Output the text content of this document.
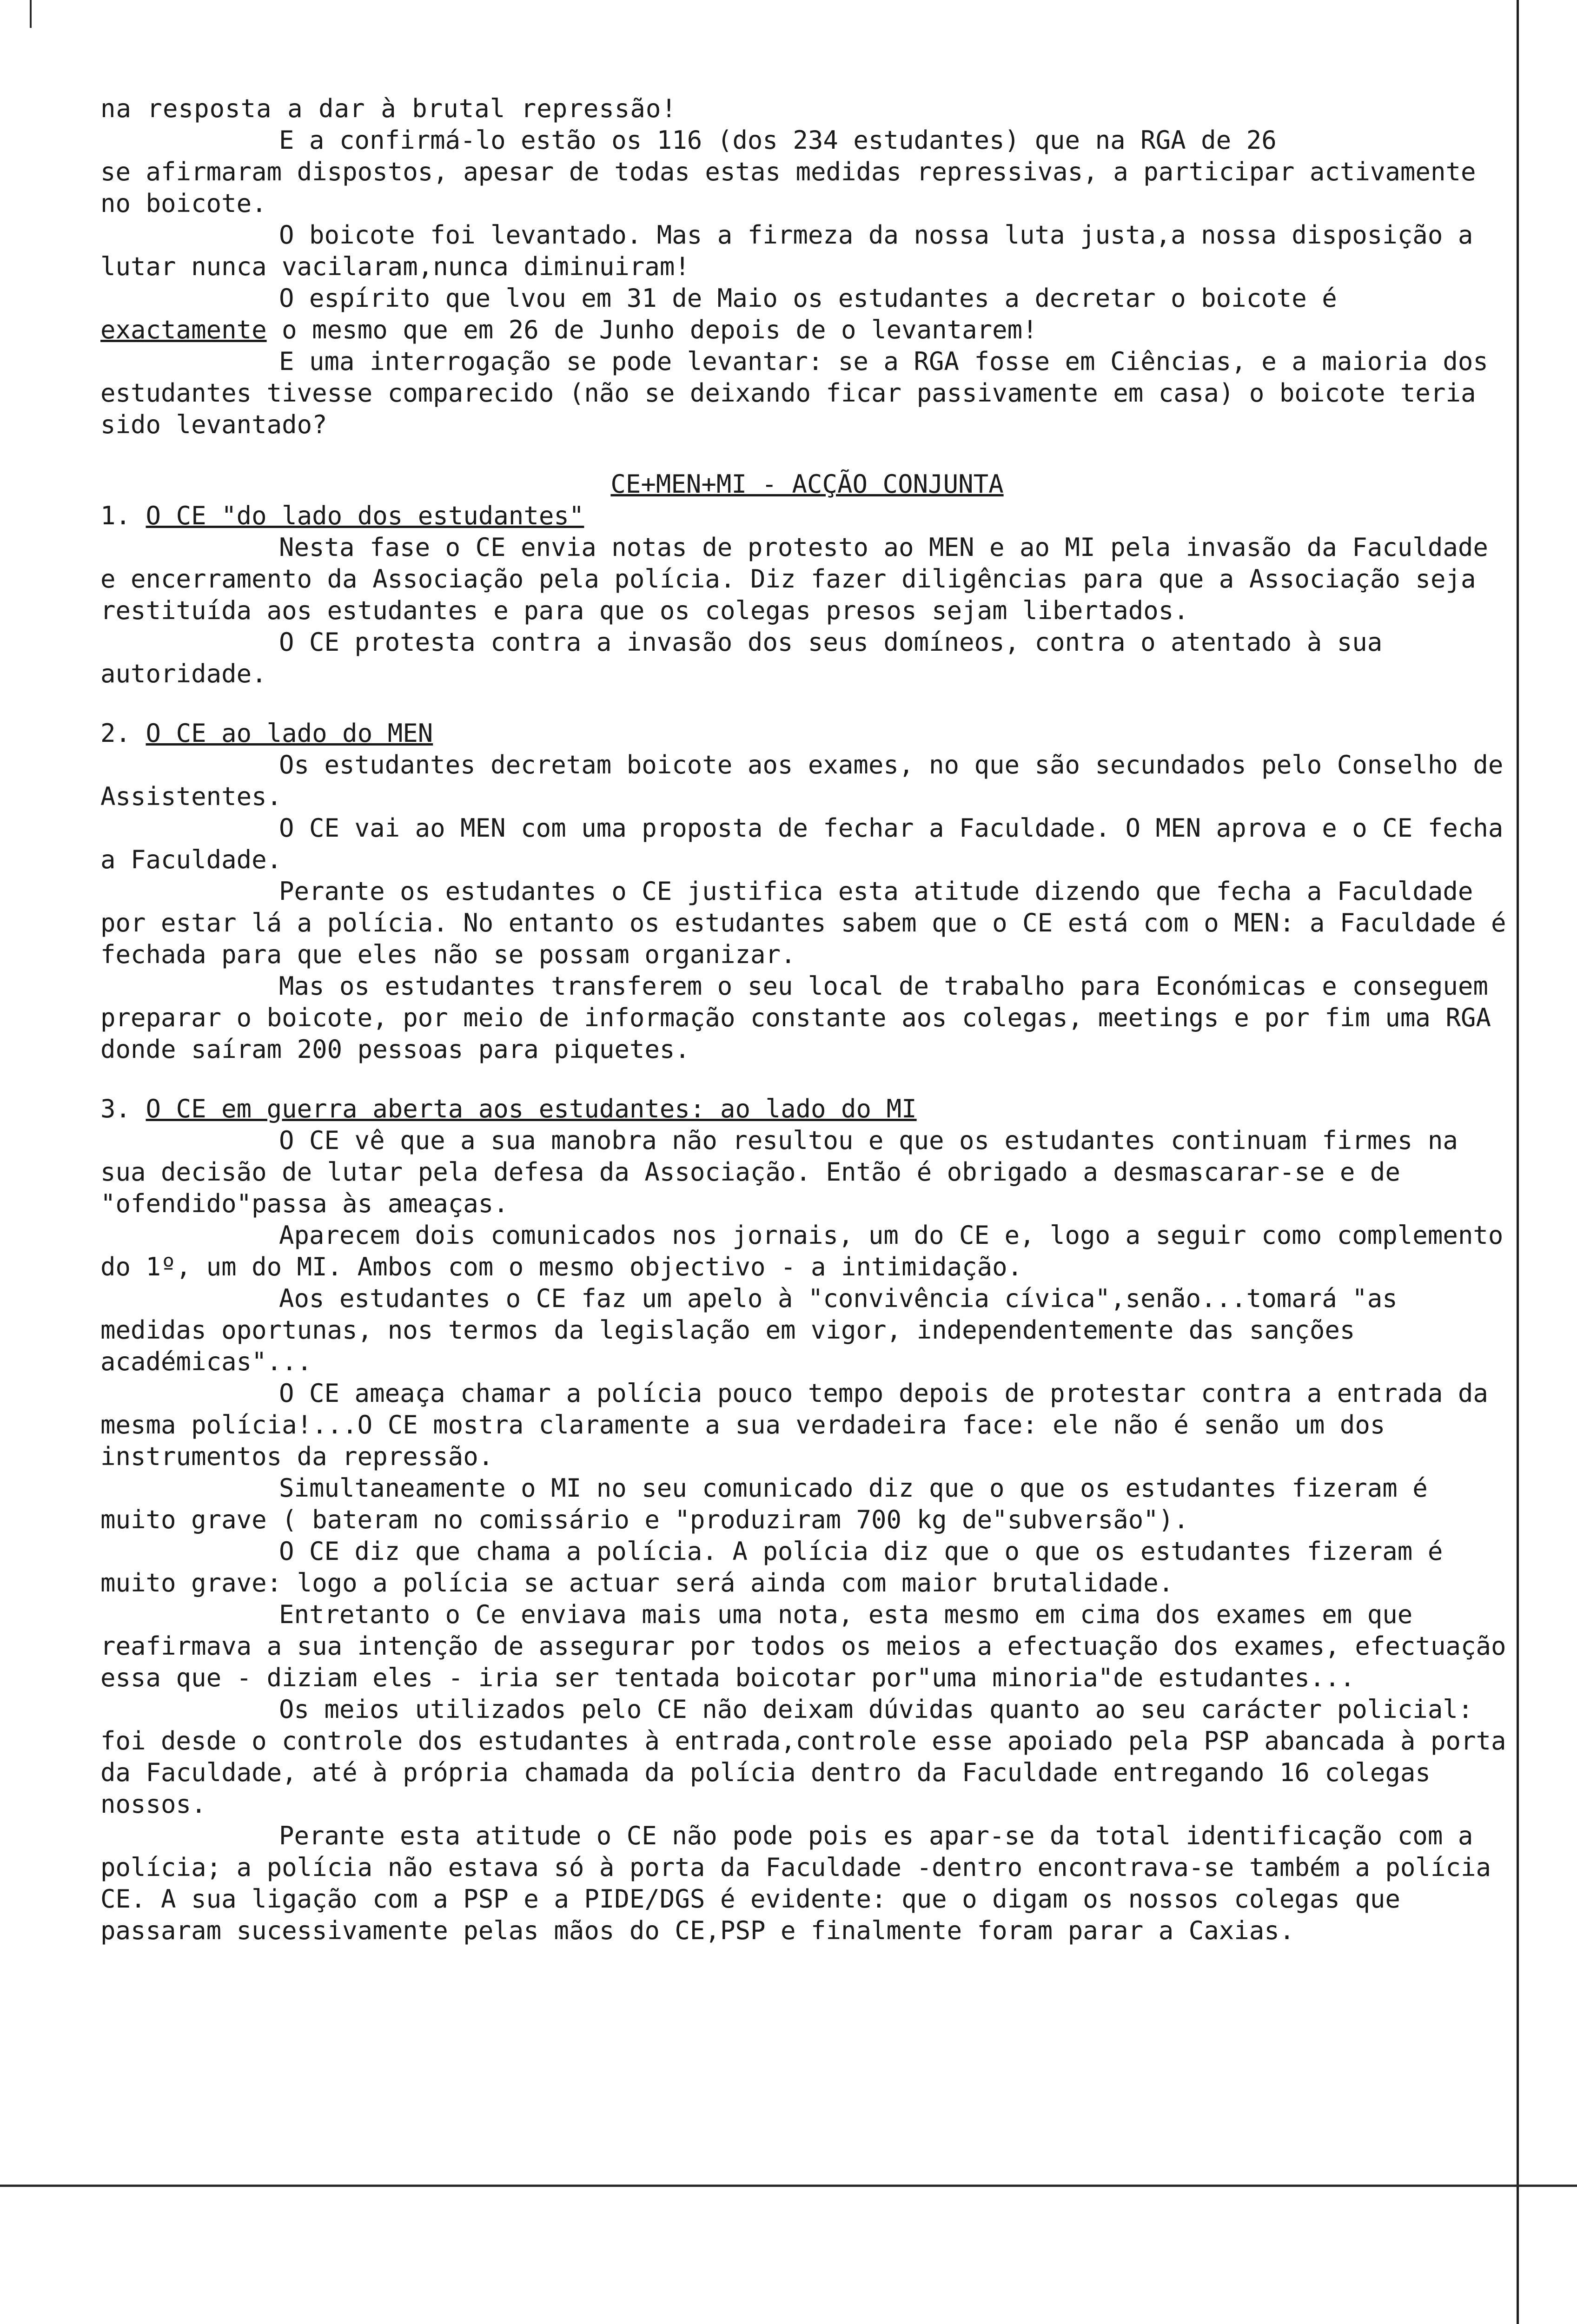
na resposta a dar à brutal repressão!

E a confirmá-lo estão os 116 (dos 234 estudantes) que na RGA de 26

se afirmaram dispostos, apesar de todas estas medidas repressivas, a participar activamente no boicote.

O boicote foi levantado. Mas a firmeza da nossa luta justa,a nossa disposição a lutar nunca vacilaram,nunca diminuiram!

O espírito que lvou em 31 de Maio os estudantes a decretar o boicote é exactamente o mesmo que em 26 de Junho depois de o levantarem!

E uma interrogação se pode levantar: se a RGA fosse em Ciências, e a maioria dos estudantes tivesse comparecido (não se deixando ficar passivamente em casa) o boicote teria sido levantado?

CE+MEN+MI - ACÇÃO CONJUNTA

1. O CE "do lado dos estudantes"

Nesta fase o CE envia notas de protesto ao MEN e ao MI pela invasão da Faculdade e encerramento da Associação pela polícia. Diz fazer diligências para que a Associação seja restituída aos estudantes e para que os colegas presos sejam libertados.

O CE protesta contra a invasão dos seus domíneos, contra o atentado à sua autoridade.

2. O CE ao lado do MEN

Os estudantes decretam boicote aos exames, no que são secundados pelo Conselho de Assistentes.

O CE vai ao MEN com uma proposta de fechar a Faculdade. O MEN aprova e o CE fecha a Faculdade.

Perante os estudantes o CE justifica esta atitude dizendo que fecha a Faculdade por estar lá a polícia. No entanto os estudantes sabem que o CE está com o MEN: a Faculdade é fechada para que eles não se possam organizar.

Mas os estudantes transferem o seu local de trabalho para Económicas e conseguem preparar o boicote, por meio de informação constante aos colegas, meetings e por fim uma RGA donde saíram 200 pessoas para piquetes.

3. O CE em guerra aberta aos estudantes: ao lado do MI

O CE vê que a sua manobra não resultou e que os estudantes continuam firmes na sua decisão de lutar pela defesa da Associação. Então é obrigado a desmascarar-se e de "ofendido"passa às ameaças.

Aparecem dois comunicados nos jornais, um do CE e, logo a seguir como complemento do 1º, um do MI. Ambos com o mesmo objectivo - a intimidação.

Aos estudantes o CE faz um apelo à "convivência cívica",senão...tomará "as medidas oportunas, nos termos da legislação em vigor, independentemente das sanções académicas"...

O CE ameaça chamar a polícia pouco tempo depois de protestar contra a entrada da mesma polícia!...O CE mostra claramente a sua verdadeira face: ele não é senão um dos instrumentos da repressão.

Simultaneamente o MI no seu comunicado diz que o que os estudantes fizeram é muito grave ( bateram no comissário e "produziram 700 kg de"subversão").

O CE diz que chama a polícia. A polícia diz que o que os estudantes fizeram é muito grave: logo a polícia se actuar será ainda com maior brutalidade.

Entretanto o Ce enviava mais uma nota, esta mesmo em cima dos exames em que reafirmava a sua intenção de assegurar por todos os meios a efectuação dos exames, efectuação essa que - diziam eles - iria ser tentada boicotar por"uma minoria"de estudantes...

Os meios utilizados pelo CE não deixam dúvidas quanto ao seu carácter policial: foi desde o controle dos estudantes à entrada,controle esse apoiado pela PSP abancada à porta da Faculdade, até à própria chamada da polícia dentro da Faculdade entregando 16 colegas nossos.

Perante esta atitude o CE não pode pois es apar-se da total identificação com a polícia; a polícia não estava só à porta da Faculdade -dentro encontrava-se também a polícia CE. A sua ligação com a PSP e a PIDE/DGS é evidente: que o digam os nossos colegas que passaram sucessivamente pelas mãos do CE,PSP e finalmente foram parar a Caxias.
